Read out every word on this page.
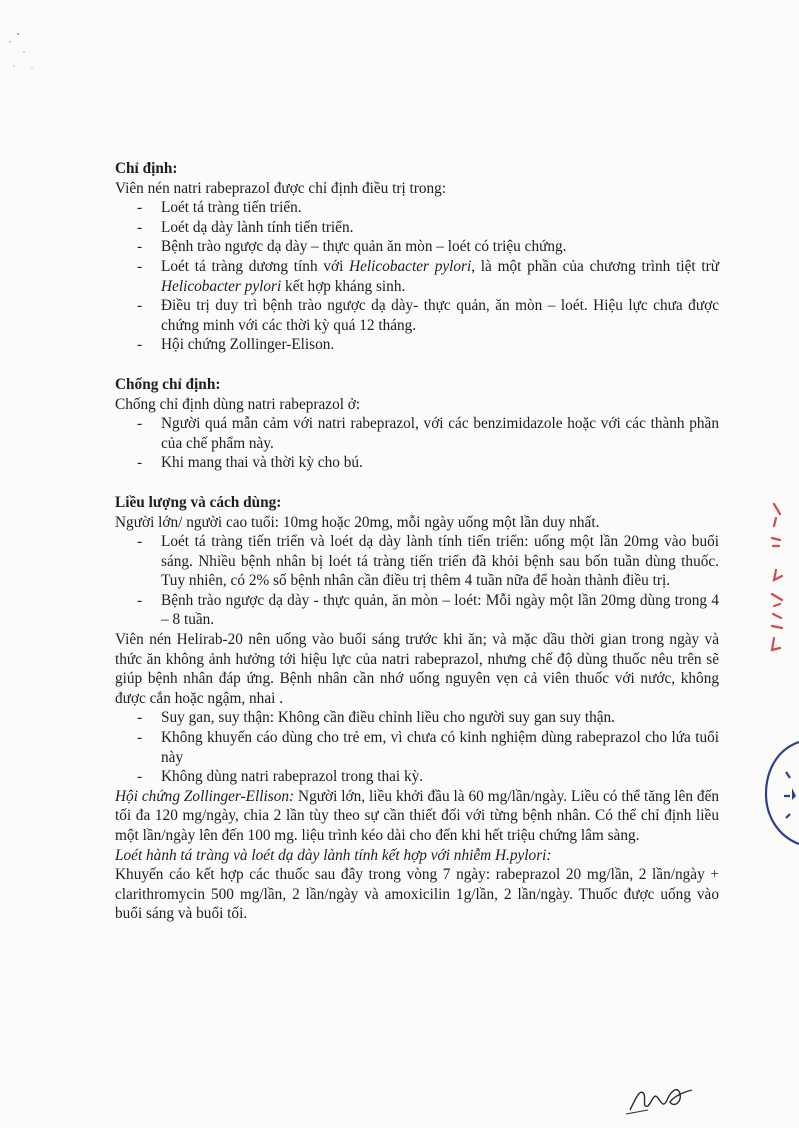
Chỉ định:
Viên nén natri rabeprazol được chỉ định điều trị trong:
- Loét tá tràng tiến triển.
- Loét dạ dày lành tính tiến triển.
- Bệnh trào ngược dạ dày – thực quản ăn mòn – loét có triệu chứng.
- Loét tá tràng dương tính với Helicobacter pylori, là một phần của chương trình tiệt trừ Helicobacter pylori kết hợp kháng sinh.
- Điều trị duy trì bệnh trào ngược dạ dày- thực quản, ăn mòn – loét. Hiệu lực chưa được chứng minh với các thời kỳ quá 12 tháng.
- Hội chứng Zollinger-Elison.
Chống chỉ định:
Chống chỉ định dùng natri rabeprazol ở:
- Người quá mẫn cảm với natri rabeprazol, với các benzimidazole hoặc với các thành phần của chế phẩm này.
- Khi mang thai và thời kỳ cho bú.
Liều lượng và cách dùng:
Người lớn/ người cao tuổi: 10mg hoặc 20mg, mỗi ngày uống một lần duy nhất.
- Loét tá tràng tiến triển và loét dạ dày lành tính tiến triển: uống một lần 20mg vào buổi sáng. Nhiều bệnh nhân bị loét tá tràng tiến triển đã khỏi bệnh sau bốn tuần dùng thuốc. Tuy nhiên, có 2% số bệnh nhân cần điều trị thêm 4 tuần nữa để hoàn thành điều trị.
- Bệnh trào ngược dạ dày - thực quản, ăn mòn – loét: Mỗi ngày một lần 20mg dùng trong 4 – 8 tuần.
Viên nén Helirab-20 nên uống vào buổi sáng trước khi ăn; và mặc dầu thời gian trong ngày và thức ăn không ảnh hưởng tới hiệu lực của natri rabeprazol, nhưng chế độ dùng thuốc nêu trên sẽ giúp bệnh nhân đáp ứng. Bệnh nhân cần nhớ uống nguyên vẹn cả viên thuốc với nước, không được cắn hoặc ngậm, nhai .
- Suy gan, suy thận: Không cần điều chỉnh liều cho người suy gan suy thận.
- Không khuyến cáo dùng cho trẻ em, vì chưa có kinh nghiệm dùng rabeprazol cho lứa tuổi này
- Không dùng natri rabeprazol trong thai kỳ.
Hội chứng Zollinger-Ellison: Người lớn, liều khởi đầu là 60 mg/lần/ngày. Liều có thể tăng lên đến tối đa 120 mg/ngày, chia 2 lần tùy theo sự cần thiết đối với từng bệnh nhân. Có thể chỉ định liều một lần/ngày lên đến 100 mg. liệu trình kéo dài cho đến khi hết triệu chứng lâm sàng.
Loét hành tá tràng và loét dạ dày lành tính kết hợp với nhiễm H.pylori:
Khuyến cáo kết hợp các thuốc sau đây trong vòng 7 ngày: rabeprazol 20 mg/lần, 2 lần/ngày + clarithromycin 500 mg/lần, 2 lần/ngày và amoxicilin 1g/lần, 2 lần/ngày. Thuốc được uống vào buổi sáng và buổi tối.
